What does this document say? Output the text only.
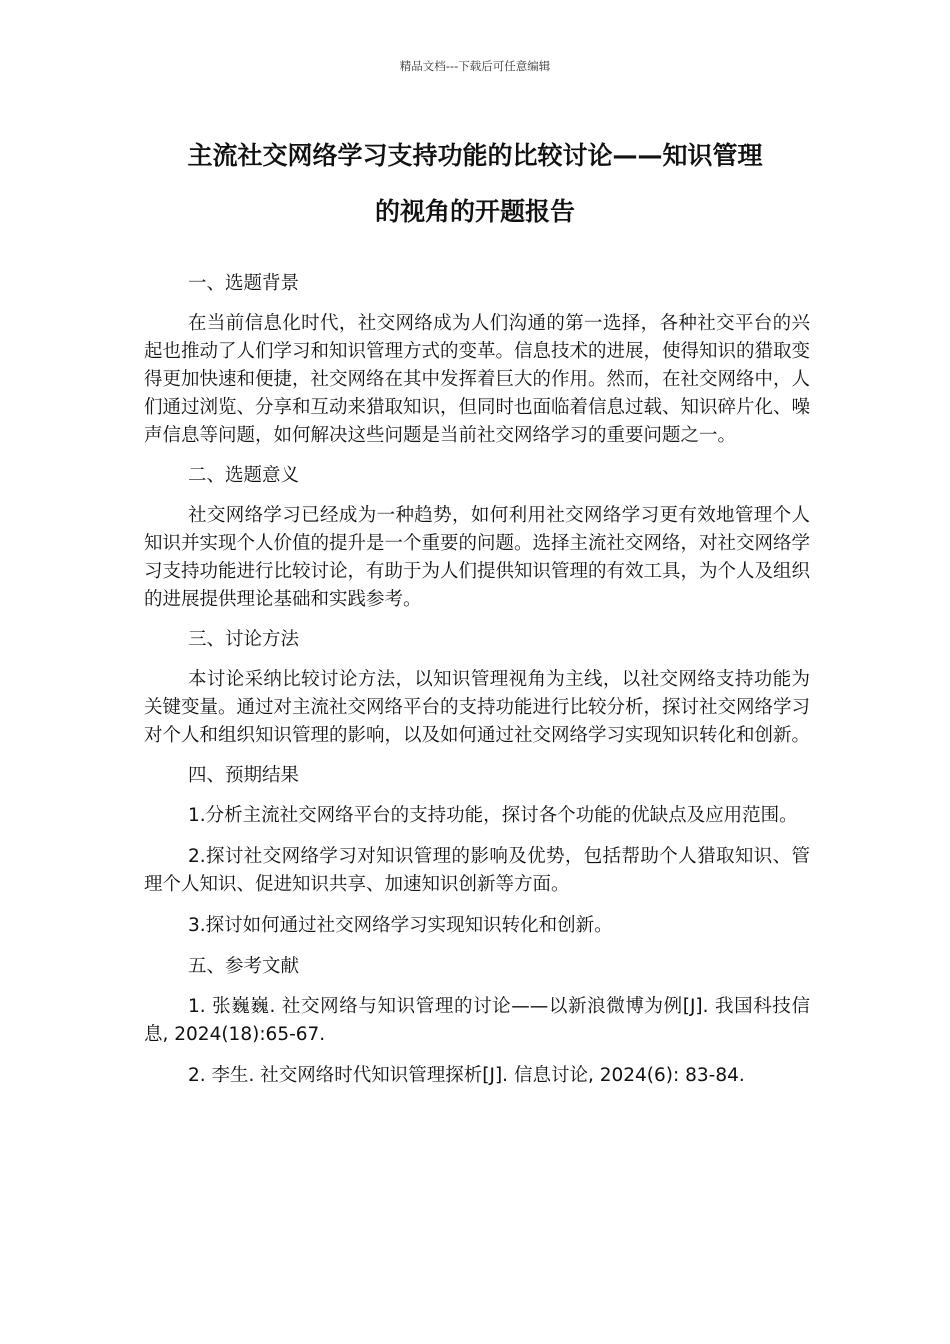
精品文档---下载后可任意编辑
主流社交网络学习支持功能的比较讨论——知识管理
的视角的开题报告

一、选题背景

在当前信息化时代，社交网络成为人们沟通的第一选择，各种社交平台的兴起也推动了人们学习和知识管理方式的变革。信息技术的进展，使得知识的猎取变得更加快速和便捷，社交网络在其中发挥着巨大的作用。然而，在社交网络中，人们通过浏览、分享和互动来猎取知识，但同时也面临着信息过载、知识碎片化、噪声信息等问题，如何解决这些问题是当前社交网络学习的重要问题之一。

二、选题意义

社交网络学习已经成为一种趋势，如何利用社交网络学习更有效地管理个人知识并实现个人价值的提升是一个重要的问题。选择主流社交网络，对社交网络学习支持功能进行比较讨论，有助于为人们提供知识管理的有效工具，为个人及组织的进展提供理论基础和实践参考。

三、讨论方法

本讨论采纳比较讨论方法，以知识管理视角为主线，以社交网络支持功能为关键变量。通过对主流社交网络平台的支持功能进行比较分析，探讨社交网络学习对个人和组织知识管理的影响，以及如何通过社交网络学习实现知识转化和创新。

四、预期结果

1.分析主流社交网络平台的支持功能，探讨各个功能的优缺点及应用范围。

2.探讨社交网络学习对知识管理的影响及优势，包括帮助个人猎取知识、管理个人知识、促进知识共享、加速知识创新等方面。

3.探讨如何通过社交网络学习实现知识转化和创新。

五、参考文献

1. 张巍巍. 社交网络与知识管理的讨论——以新浪微博为例[J]. 我国科技信息, 2024(18):65-67.

2. 李生. 社交网络时代知识管理探析[J]. 信息讨论, 2024(6): 83-84.
